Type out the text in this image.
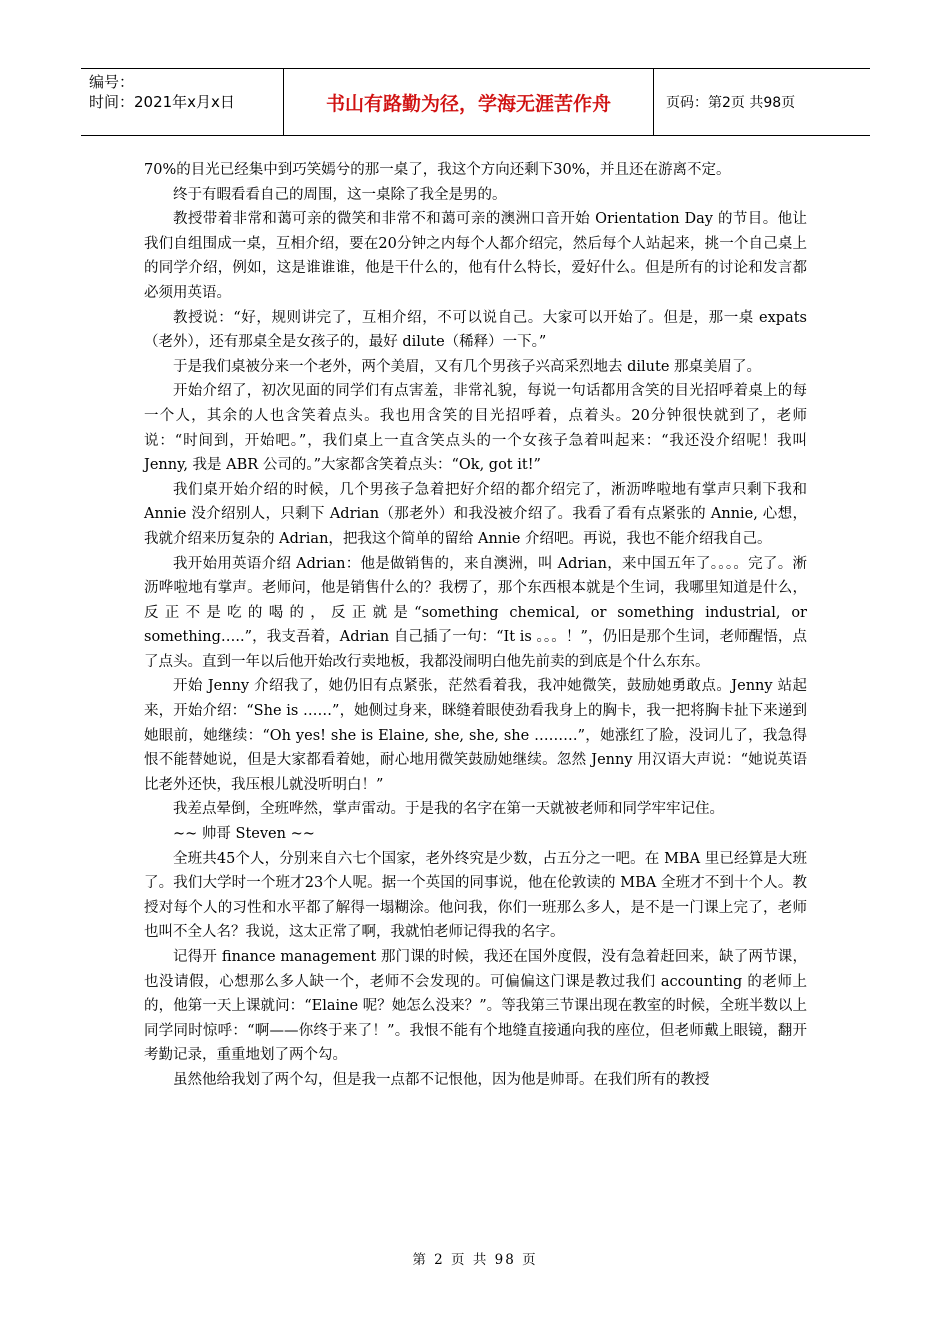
编号：
时间：2021年x月x日	书山有路勤为径，学海无涯苦作舟	页码：第2页 共98页

70%的目光已经集中到巧笑嫣兮的那一桌了，我这个方向还剩下30%，并且还在游离不定。

终于有暇看看自己的周围，这一桌除了我全是男的。

教授带着非常和蔼可亲的微笑和非常不和蔼可亲的澳洲口音开始 Orientation Day 的节目。他让我们自组围成一桌，互相介绍，要在20分钟之内每个人都介绍完，然后每个人站起来，挑一个自己桌上的同学介绍，例如，这是谁谁谁，他是干什么的，他有什么特长，爱好什么。但是所有的讨论和发言都必须用英语。

教授说：“好，规则讲完了，互相介绍，不可以说自己。大家可以开始了。但是，那一桌 expats（老外），还有那桌全是女孩子的，最好 dilute（稀释）一下。”

于是我们桌被分来一个老外，两个美眉，又有几个男孩子兴高采烈地去 dilute 那桌美眉了。

开始介绍了，初次见面的同学们有点害羞，非常礼貌，每说一句话都用含笑的目光招呼着桌上的每一个人，其余的人也含笑着点头。我也用含笑的目光招呼着，点着头。20分钟很快就到了，老师说：“时间到，开始吧。”，我们桌上一直含笑点头的一个女孩子急着叫起来：“我还没介绍呢！我叫 Jenny, 我是 ABR 公司的。”大家都含笑着点头：“Ok, got it!”

我们桌开始介绍的时候，几个男孩子急着把好介绍的都介绍完了，淅沥哗啦地有掌声只剩下我和 Annie 没介绍别人，只剩下 Adrian（那老外）和我没被介绍了。我看了看有点紧张的 Annie, 心想，我就介绍来历复杂的 Adrian，把我这个简单的留给 Annie 介绍吧。再说，我也不能介绍我自己。

我开始用英语介绍 Adrian：他是做销售的，来自澳洲，叫 Adrian，来中国五年了。。。。完了。淅沥哗啦地有掌声。老师问，他是销售什么的？我楞了，那个东西根本就是个生词，我哪里知道是什么，反正不是吃的喝的，反正就是“something chemical, or something industrial, or something…..”，我支吾着，Adrian 自己插了一句：“It is 。。。！”，仍旧是那个生词，老师醒悟，点了点头。直到一年以后他开始改行卖地板，我都没闹明白他先前卖的到底是个什么东东。

开始 Jenny 介绍我了，她仍旧有点紧张，茫然看着我，我冲她微笑，鼓励她勇敢点。Jenny 站起来，开始介绍：“She is ……”，她侧过身来，眯缝着眼使劲看我身上的胸卡，我一把将胸卡扯下来递到她眼前，她继续：“Oh yes! she is Elaine, she, she, she ………”，她涨红了脸，没词儿了，我急得恨不能替她说，但是大家都看着她，耐心地用微笑鼓励她继续。忽然 Jenny 用汉语大声说：“她说英语比老外还快，我压根儿就没听明白！”

我差点晕倒，全班哗然，掌声雷动。于是我的名字在第一天就被老师和同学牢牢记住。

~~ 帅哥 Steven ~~

全班共45个人，分别来自六七个国家，老外终究是少数，占五分之一吧。在 MBA 里已经算是大班了。我们大学时一个班才23个人呢。据一个英国的同事说，他在伦敦读的 MBA 全班才不到十个人。教授对每个人的习性和水平都了解得一塌糊涂。他问我，你们一班那么多人，是不是一门课上完了，老师也叫不全人名？我说，这太正常了啊，我就怕老师记得我的名字。

记得开 finance management 那门课的时候，我还在国外度假，没有急着赶回来，缺了两节课，也没请假，心想那么多人缺一个，老师不会发现的。可偏偏这门课是教过我们 accounting 的老师上的，他第一天上课就问：“Elaine 呢？她怎么没来？”。等我第三节课出现在教室的时候，全班半数以上同学同时惊呼：“啊——你终于来了！”。我恨不能有个地缝直接通向我的座位，但老师戴上眼镜，翻开考勤记录，重重地划了两个勾。

虽然他给我划了两个勾，但是我一点都不记恨他，因为他是帅哥。在我们所有的教授

第 2 页 共 98 页
